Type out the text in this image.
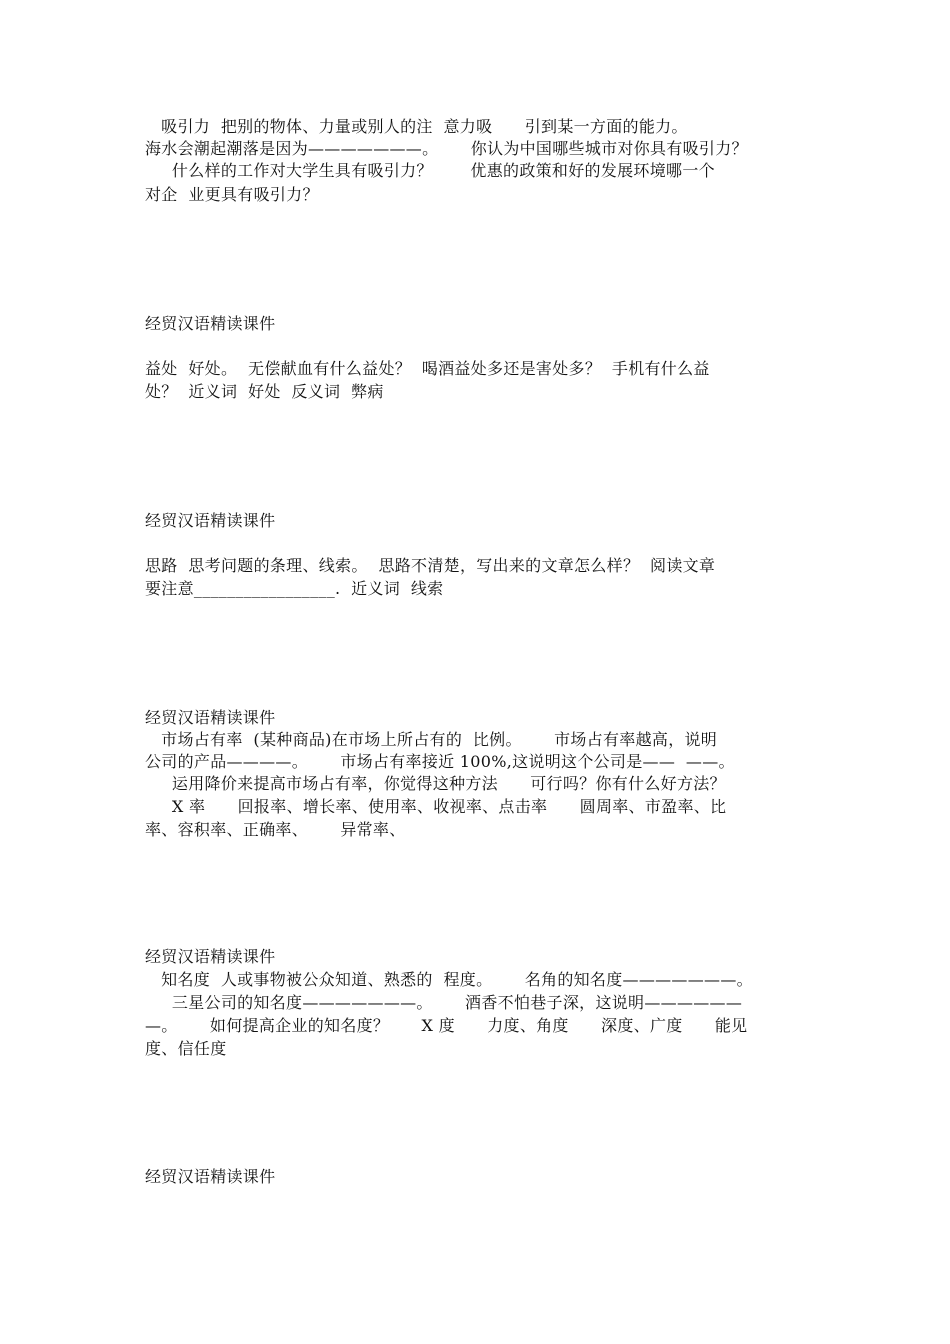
吸引力  把别的物体、力量或别人的注  意力吸      引到某一方面的能力。
海水会潮起潮落是因为———————。      你认为中国哪些城市对你具有吸引力？
什么样的工作对大学生具有吸引力？       优惠的政策和好的发展环境哪一个
对企  业更具有吸引力？
经贸汉语精读课件
益处  好处。  无偿献血有什么益处？  喝酒益处多还是害处多？  手机有什么益
处？  近义词  好处  反义词  弊病
经贸汉语精读课件
思路  思考问题的条理、线索。  思路不清楚，写出来的文章怎么样？  阅读文章
要注意_________________.  近义词  线索
经贸汉语精读课件
市场占有率  (某种商品)在市场上所占有的  比例。      市场占有率越高，说明
公司的产品————。      市场占有率接近 100%,这说明这个公司是——  ——。
运用降价来提高市场占有率，你觉得这种方法      可行吗？你有什么好方法？
X 率      回报率、增长率、使用率、收视率、点击率      圆周率、市盈率、比
率、容积率、正确率、      异常率、
经贸汉语精读课件
知名度  人或事物被公众知道、熟悉的  程度。      名角的知名度———————。
三星公司的知名度———————。      酒香不怕巷子深，这说明——————
—。      如何提高企业的知名度？      X 度      力度、角度      深度、广度      能见
度、信任度
经贸汉语精读课件
